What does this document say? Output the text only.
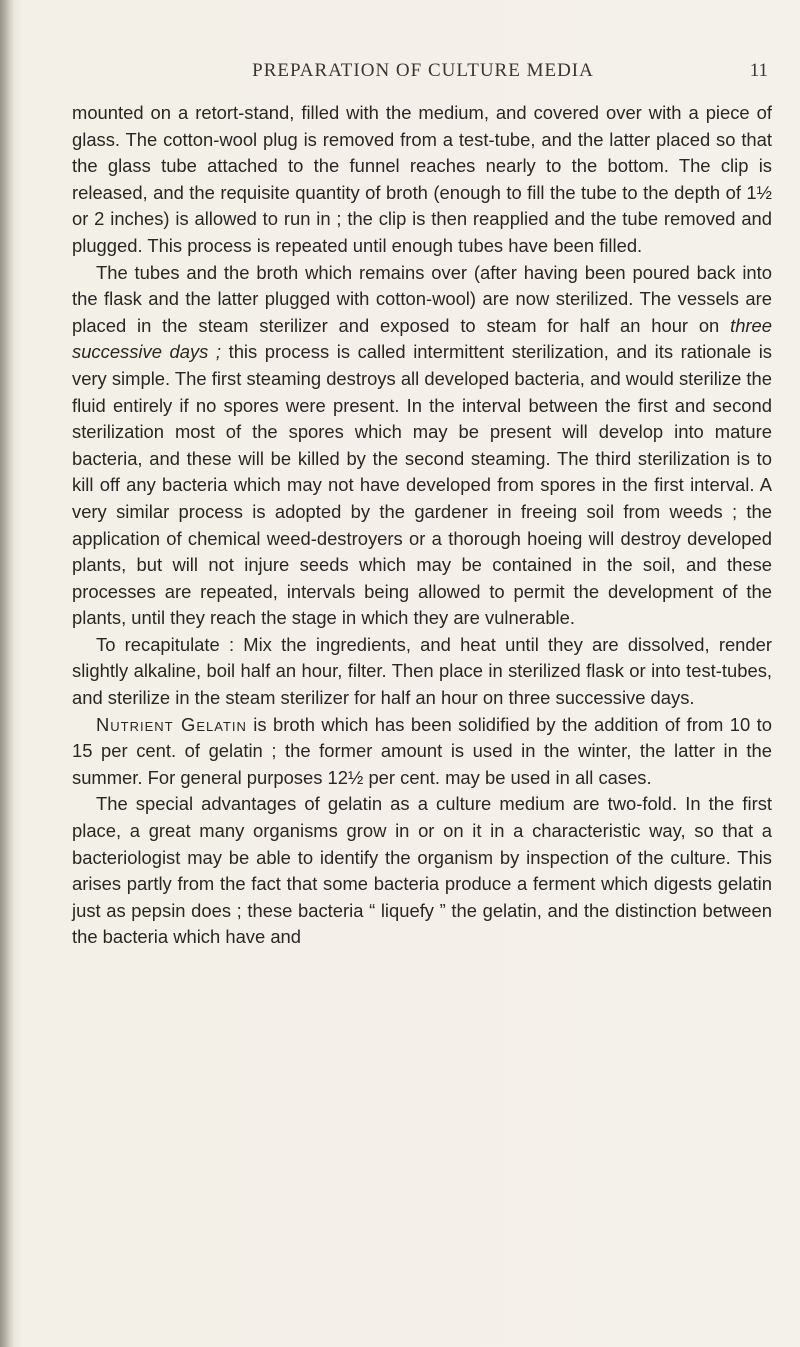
PREPARATION OF CULTURE MEDIA	11

mounted on a retort-stand, filled with the medium, and covered over with a piece of glass. The cotton-wool plug is removed from a test-tube, and the latter placed so that the glass tube attached to the funnel reaches nearly to the bottom. The clip is released, and the requisite quantity of broth (enough to fill the tube to the depth of 1½ or 2 inches) is allowed to run in ; the clip is then reapplied and the tube removed and plugged. This process is repeated until enough tubes have been filled.

The tubes and the broth which remains over (after having been poured back into the flask and the latter plugged with cotton-wool) are now sterilized. The vessels are placed in the steam sterilizer and exposed to steam for half an hour on three successive days ; this process is called intermittent sterilization, and its rationale is very simple. The first steaming destroys all developed bacteria, and would sterilize the fluid entirely if no spores were present. In the interval between the first and second sterilization most of the spores which may be present will develop into mature bacteria, and these will be killed by the second steaming. The third sterilization is to kill off any bacteria which may not have developed from spores in the first interval. A very similar process is adopted by the gardener in freeing soil from weeds ; the application of chemical weed-destroyers or a thorough hoeing will destroy developed plants, but will not injure seeds which may be contained in the soil, and these processes are repeated, intervals being allowed to permit the development of the plants, until they reach the stage in which they are vulnerable.

To recapitulate : Mix the ingredients, and heat until they are dissolved, render slightly alkaline, boil half an hour, filter. Then place in sterilized flask or into test-tubes, and sterilize in the steam sterilizer for half an hour on three successive days.

Nutrient Gelatin is broth which has been solidified by the addition of from 10 to 15 per cent. of gelatin ; the former amount is used in the winter, the latter in the summer. For general purposes 12½ per cent. may be used in all cases.

The special advantages of gelatin as a culture medium are two-fold. In the first place, a great many organisms grow in or on it in a characteristic way, so that a bacteriologist may be able to identify the organism by inspection of the culture. This arises partly from the fact that some bacteria produce a ferment which digests gelatin just as pepsin does ; these bacteria “ liquefy ” the gelatin, and the distinction between the bacteria which have and
